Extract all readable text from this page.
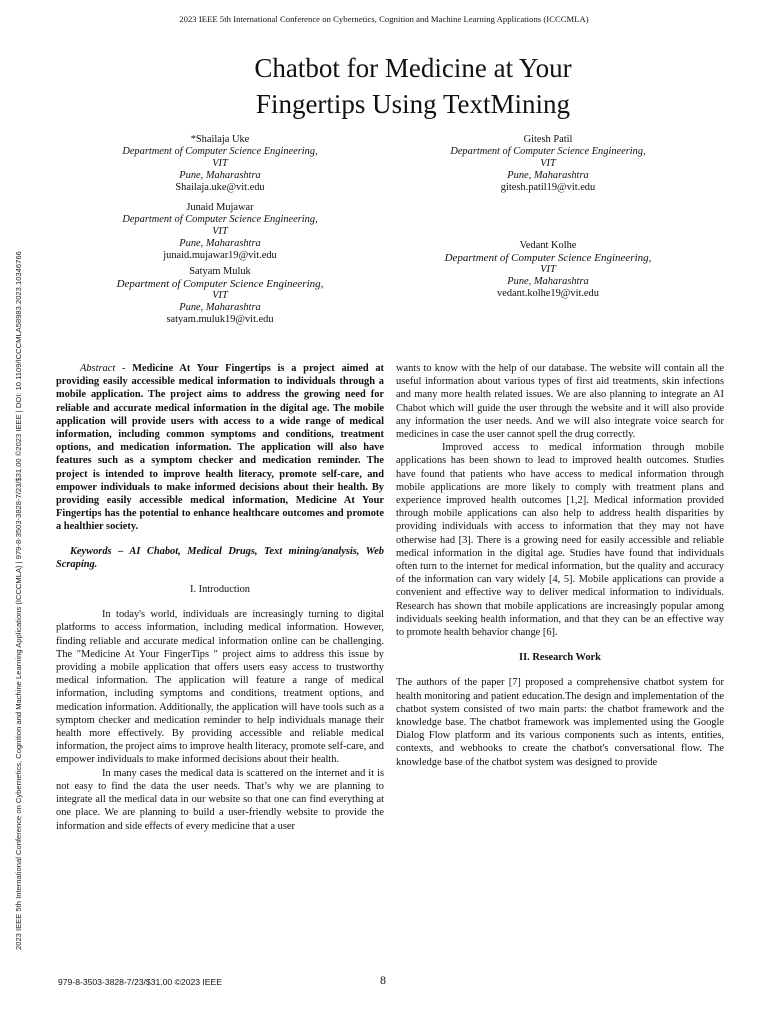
2023 IEEE 5th International Conference on Cybernetics, Cognition and Machine Learning Applications (ICCCMLA)
2023 IEEE 5th International Conference on Cybernetics, Cognition and Machine Learning Applications (ICCCMLA) | 979-8-3503-3828-7/23/$31.00 ©2023 IEEE | DOI: 10.1109/ICCCMLA58983.2023.10346766
Chatbot for Medicine at Your
Fingertips Using TextMining
*Shailaja Uke
Department of Computer Science Engineering,
VIT
Pune, Maharashtra
Shailaja.uke@vit.edu
Junaid Mujawar
Department of Computer Science Engineering,
VIT
Pune, Maharashtra
junaid.mujawar19@vit.edu
Satyam Muluk
Department of Computer Science Engineering,
VIT
Pune, Maharashtra
satyam.muluk19@vit.edu
Gitesh Patil
Department of Computer Science Engineering,
VIT
Pune, Maharashtra
gitesh.patil19@vit.edu
Vedant Kolhe
Department of Computer Science Engineering,
VIT
Pune, Maharashtra
vedant.kolhe19@vit.edu

Abstract - Medicine At Your Fingertips is a project aimed at providing easily accessible medical information to individuals through a mobile application. The project aims to address the growing need for reliable and accurate medical information in the digital age. The mobile application will provide users with access to a wide range of medical information, including common symptoms and conditions, treatment options, and medication information. The application will also have features such as a symptom checker and medication reminder. The project is intended to improve health literacy, promote self-care, and empower individuals to make informed decisions about their health. By providing easily accessible medical information, Medicine At Your Fingertips has the potential to enhance healthcare outcomes and promote a healthier society.

Keywords – AI Chabot, Medical Drugs, Text mining/analysis, Web Scraping.

I. Introduction

In today's world, individuals are increasingly turning to digital platforms to access information, including medical information. However, finding reliable and accurate medical information online can be challenging. The "Medicine At Your FingerTips " project aims to address this issue by providing a mobile application that offers users easy access to trustworthy medical information. The application will feature a range of medical information, including symptoms and conditions, treatment options, and medication information. Additionally, the application will have tools such as a symptom checker and medication reminder to help individuals manage their health more effectively. By providing accessible and reliable medical information, the project aims to improve health literacy, promote self-care, and empower individuals to make informed decisions about their health.

In many cases the medical data is scattered on the internet and it is not easy to find the data the user needs. That’s why we are planning to integrate all the medical data in our website so that one can find everything at one place. We are planning to build a user-friendly website to provide the information and side effects of every medicine that a user

wants to know with the help of our database. The website will contain all the useful information about various types of first aid treatments, skin infections and many more health related issues. We are also planning to integrate an AI Chabot which will guide the user through the website and it will also provide any information the user needs. And we will also integrate voice search for medicines in case the user cannot spell the drug correctly.

Improved access to medical information through mobile applications has been shown to lead to improved health outcomes. Studies have found that patients who have access to medical information through mobile applications are more likely to comply with treatment plans and experience improved health outcomes [1,2]. Medical information provided through mobile applications can also help to address health disparities by providing individuals with access to information that they may not have otherwise had [3]. There is a growing need for easily accessible and reliable medical information in the digital age. Studies have found that individuals often turn to the internet for medical information, but the quality and accuracy of the information can vary widely [4, 5]. Mobile applications can provide a convenient and effective way to deliver medical information to individuals. Research has shown that mobile applications are increasingly popular among individuals seeking health information, and that they can be an effective way to promote health behavior change [6].

II. Research Work

The authors of the paper [7] proposed a comprehensive chatbot system for health monitoring and patient education.The design and implementation of the chatbot system consisted of two main parts: the chatbot framework and the knowledge base. The chatbot framework was implemented using the Google Dialog Flow platform and its various components such as intents, entities, contexts, and webhooks to create the chatbot's conversational flow. The knowledge base of the chatbot system was designed to provide

979-8-3503-3828-7/23/$31.00 ©2023 IEEE	8
